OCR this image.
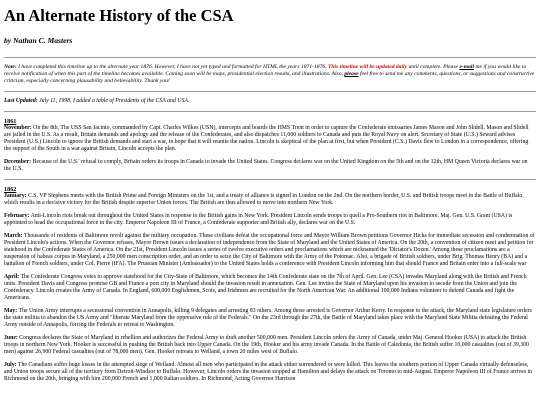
An Alternate History of the CSA

by Nathan C. Masters

Note: I have completed this timeline up to the alternate year 1876. However, I have not yet typed and formatted for HTML the years 1871-1876. This timeline will be updated daily until complete. Please e-mail me if you would like to receive notification of when this part of the timeline becomes available. Coming soon will be maps, presidential election results, and illustrations. Also, please feel free to send me any comments, questions, or suggestions and constructive criticism, especially concerning plausability and believability. Thank you!

Last Updated: July 11, 1998. I added a table of Presidents of the CSA and USA.

1861

November: On the 8th, The USS San Jacinto, commanded by Capt. Charles Wilkes (USN), intercepts and boards the HMS Trent in order to capture the Confederate emissaries James Mason and John Slidell. Mason and Slidell are jailed in the U.S. As a result, Britain demands and apology and the release of the Confederates, and also dispatches 11,000 soldiers to Canada and puts the Royal Navy on alert. Secretary of State (U.S.) Seward advises President (U.S.) Lincoln to ignore the British demands and start a war, in hope that it will reunite the nation. Lincoln is skeptical of the plan at first, but when President (C.S.) Davis flew to London in a correspondence, offering the support of the South in a war against Britain, Lincoln accepts the plan.

December: Because of the U.S.' refusal to comply, Britain orders its troops in Canada to invade the United States. Congress declares war on the United Kingdom on the 5th and on the 12th, HM Queen Victoria declares war on the U.S.

1862

January: C.S. VP Stephens meets with the British Prime and Foreign Ministers on the 1st, and a treaty of alliance is signed in London on the 2nd. On the northern border, U.S. and British troops meet in the Battle of Buffalo, which results in a decisive victory for the British despite superior Union forces. The British are thus allowed to move into northern New York.

February: Anti-Lincoln riots break out throughout the United States in response to the British gains in New York. President Lincoln sends troops to quell a Pro-Southern riot in Baltimore. Maj. Gen. U.S. Grant (USA) is appointed to head the occupational force in the city. Emperor Napoleon III of France, a Confederate supporter and British ally, declares war on the U.S.

March: Thousands of residents of Baltimore revolt against the military occupation. These civilians defeat the occupational force and Mayor William Brown petitions Governor Hicks for immediate secession and condemnation of President Lincoln's actions. When the Governor refuses, Mayor Brown issues a declaration of independence from the State of Maryland and the United States of America. On the 20th, a convention of citizen meet and petition for statehood in the Confederate States of America. On the 21st, President Lincoln issues a series of twelve executive orders and proclamations which are nicknamed the 'Dictator's Dozen.' Among these proclamations are a suspension of habeas corpus in Maryland, a 250,000 men conscription order, and an order to seize the City of Baltimore with the Army of the Potomac. Also, a brigade of British soldiers, under Brig. Thomas Henry (BA) and a battalion of French soldiers, under Col. Pierre (IFA). The Prussian Minister (Ambassador) to the United States holds a conference with President Lincoln informing him that should France and Britain enter into a full-scale war

April: The Confederate Congress votes to approve statehood for the City-State of Baltimore, which becomes the 14th Confederate state on the 7th of April. Gen. Lee (CSA) invades Maryland along with the British and French units. President Davis and Congress promise GB and France a port city in Maryland should the invasion result in annexation. Gen. Lee invites the State of Maryland upon his invasion to secede from the Union and join the Confederacy. Lincoln creates the Army of Canada. In England, 600,000 Englishmen, Scots, and Irishmen are recruited for the North American War. An additional 100,000 Indians volunteer to defend Canada and fight the Americans.

May: The Union Army interrupts a secessional convention in Annapolis, killing 9 delegates and arresting 83 others. Among those arrested is Governor Arthur Kerry. In response to the attack, the Maryland state legislature orders the state militia to abandon the US Army and "liberate Maryland from the oppressive rule of the Federals." On the 23rd through the 27th, the Battle of Maryland takes place with the Maryland State Militia defeating the Federal Army outside of Annapolis, forcing the Federals to retreat to Washington.

June: Congress declares the State of Maryland in rebellion and authorizes the Federal Army to draft another 500,000 men. President Lincoln orders the Army of Canada, under Maj. General Hooker (USA) to attack the British troops in northern New York. Hooker is successful in pushing the British back into Upper Canada. On the 19th, Hooker and his army invade Canada. In the Battle of Caledonia, the British suffer 10,000 casualties (out of 39,300 men) against 26,900 Federal casualties (out of 78,000 men). Gen. Hooker retreats to Welland, a town 20 miles west of Buffalo.

July: The Canadians suffer huge losses in the attempted siege of Welland. Almost all men who participated in the attack either surrendered or were killed. This leaves the southern portion of Upper Canada virtually defenseless, and Union troops secure all of the territory from Detroit-Windsor to Buffalo. However, Lincoln orders the invasion stopped at Hamilton and delays the attack on Toronto to mid-August. Emperor Napoleon III of France arrives in Richmond on the 20th, bringing with him 200,000 French and 1,000 Italian soldiers. In Richmond, Acting Governor Harrison
